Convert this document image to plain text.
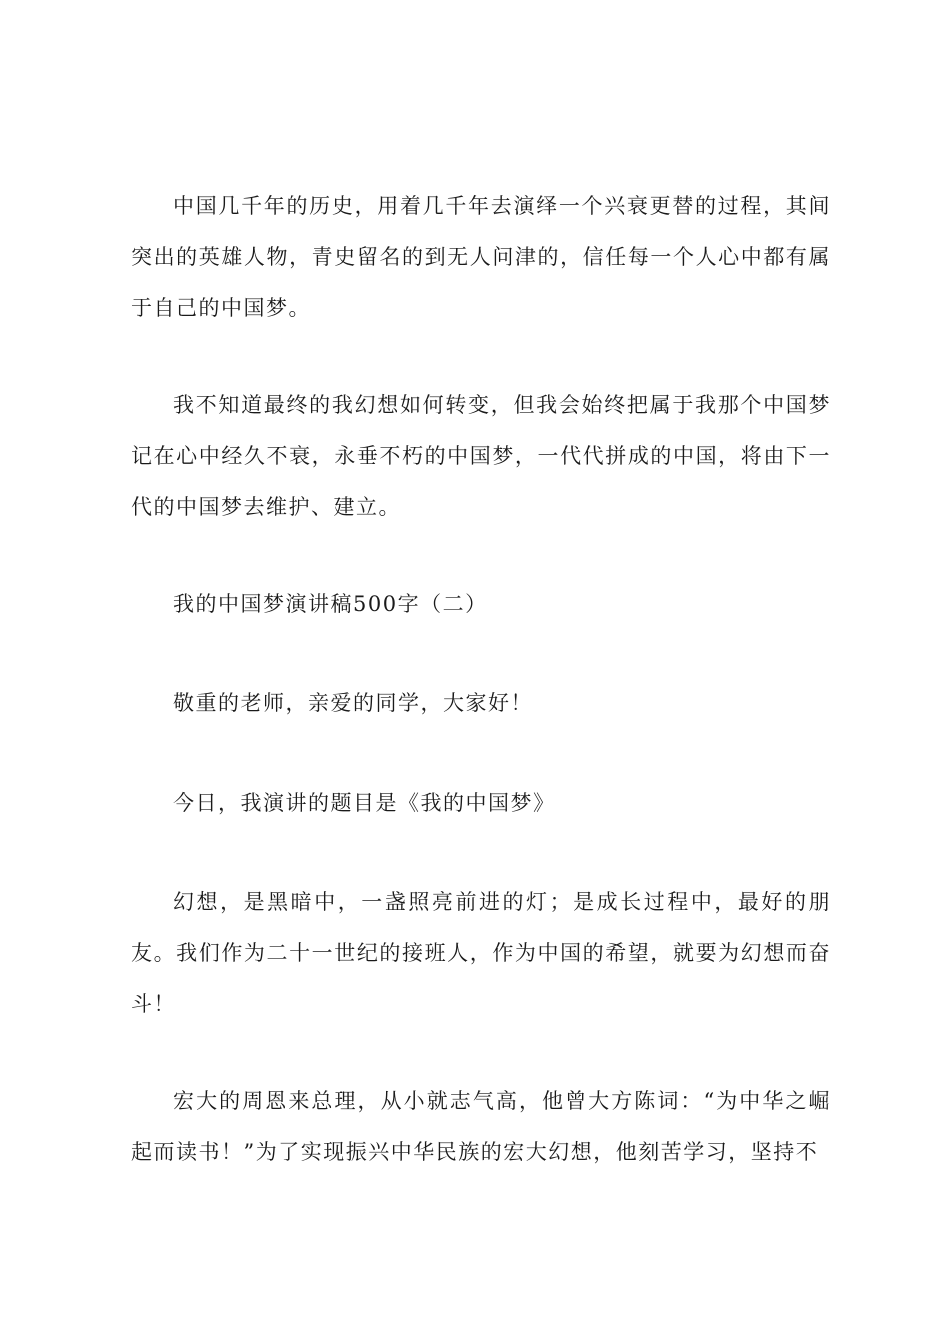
中国几千年的历史，用着几千年去演绎一个兴衰更替的过程，其间突出的英雄人物，青史留名的到无人问津的，信任每一个人心中都有属于自己的中国梦。

我不知道最终的我幻想如何转变，但我会始终把属于我那个中国梦记在心中经久不衰，永垂不朽的中国梦，一代代拼成的中国，将由下一代的中国梦去维护、建立。

我的中国梦演讲稿500字（二）

敬重的老师，亲爱的同学，大家好！

今日，我演讲的题目是《我的中国梦》

幻想，是黑暗中，一盏照亮前进的灯；是成长过程中，最好的朋友。我们作为二十一世纪的接班人，作为中国的希望，就要为幻想而奋斗！

宏大的周恩来总理，从小就志气高，他曾大方陈词：“为中华之崛起而读书！”为了实现振兴中华民族的宏大幻想，他刻苦学习，坚持不
